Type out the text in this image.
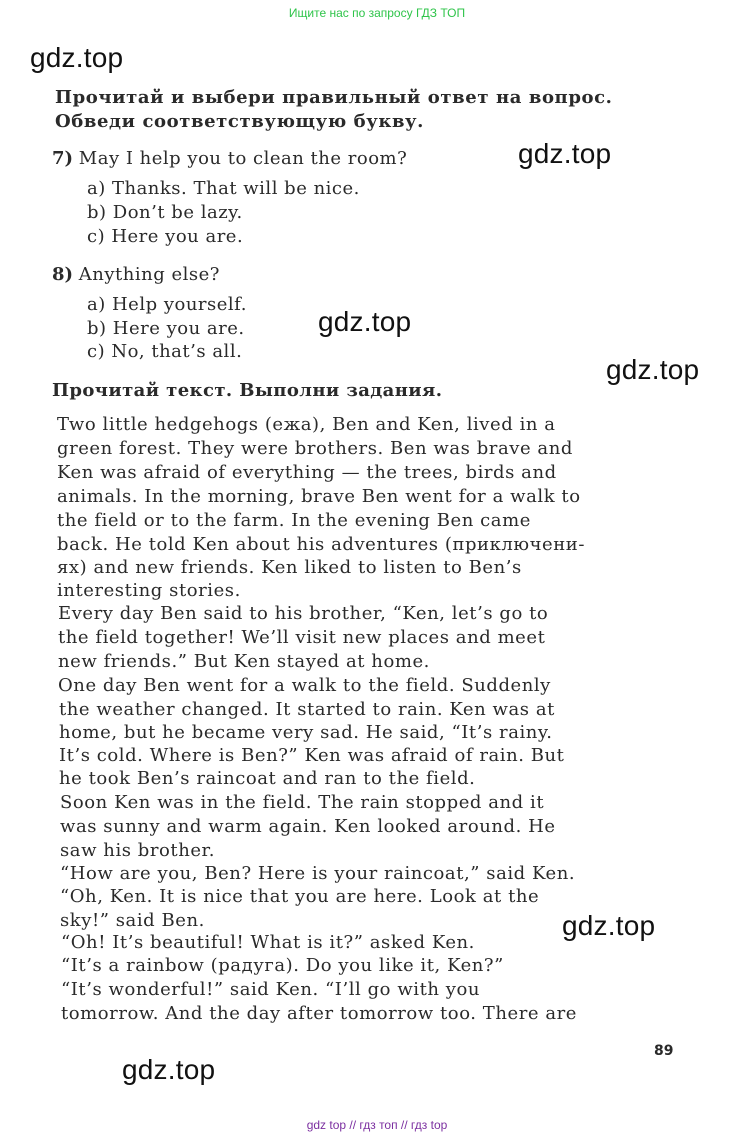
Ищите нас по запросу ГДЗ ТОП
gdz.top
gdz.top
gdz.top
gdz.top
gdz.top
gdz.top
Прочитай и выбери правильный ответ на вопрос.
Обведи соответствующую букву.
7) May I help you to clean the room?
a) Thanks. That will be nice.
b) Don’t be lazy.
c) Here you are.
8) Anything else?
a) Help yourself.
b) Here you are.
c) No, that’s all.
Прочитай текст. Выполни задания.
Two little hedgehogs (ежа), Ben and Ken, lived in a
green forest. They were brothers. Ben was brave and
Ken was afraid of everything — the trees, birds and
animals. In the morning, brave Ben went for a walk to
the field or to the farm. In the evening Ben came
back. He told Ken about his adventures (приключени-
ях) and new friends. Ken liked to listen to Ben’s
interesting stories.
Every day Ben said to his brother, “Ken, let’s go to
the field together! We’ll visit new places and meet
new friends.” But Ken stayed at home.
One day Ben went for a walk to the field. Suddenly
the weather changed. It started to rain. Ken was at
home, but he became very sad. He said, “It’s rainy.
It’s cold. Where is Ben?” Ken was afraid of rain. But
he took Ben’s raincoat and ran to the field.
Soon Ken was in the field. The rain stopped and it
was sunny and warm again. Ken looked around. He
saw his brother.
“How are you, Ben? Here is your raincoat,” said Ken.
“Oh, Ken. It is nice that you are here. Look at the
sky!” said Ben.
“Oh! It’s beautiful! What is it?” asked Ken.
“It’s a rainbow (радуга). Do you like it, Ken?”
“It’s wonderful!” said Ken. “I’ll go with you
tomorrow. And the day after tomorrow too. There are
89
gdz top // гдз топ // гдз top
